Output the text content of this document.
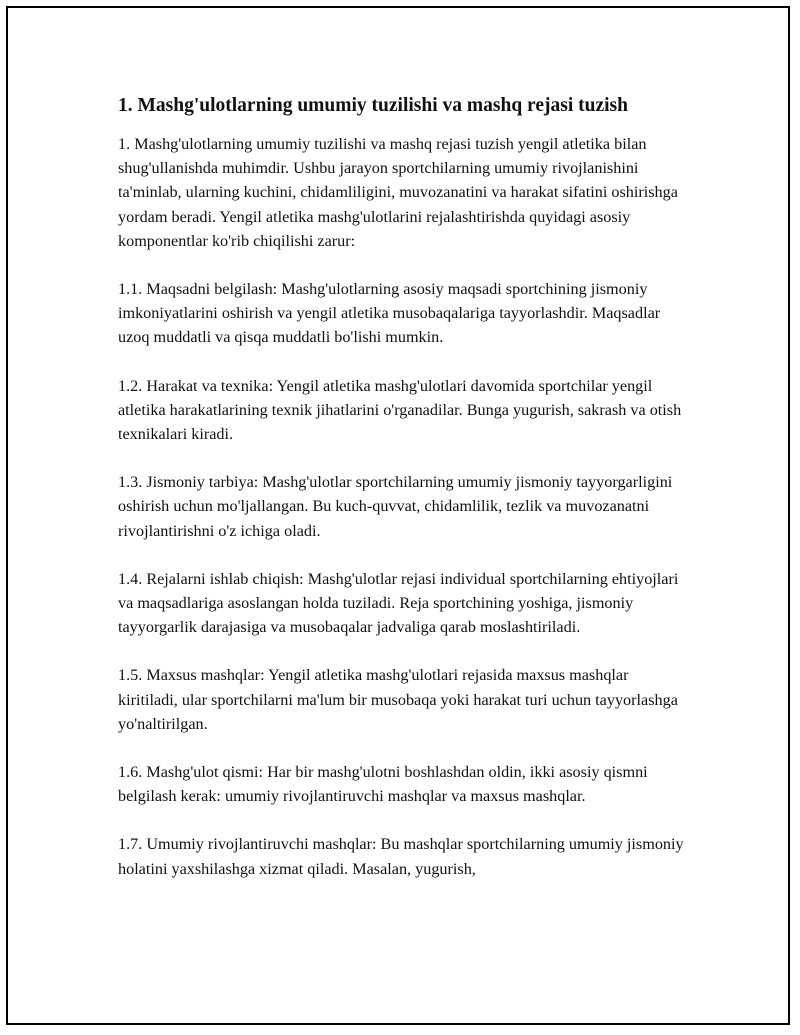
1. Mashg'ulotlarning umumiy tuzilishi va mashq rejasi tuzish

1. Mashg'ulotlarning umumiy tuzilishi va mashq rejasi tuzish yengil atletika bilan shug'ullanishda muhimdir. Ushbu jarayon sportchilarning umumiy rivojlanishini ta'minlab, ularning kuchini, chidamliligini, muvozanatini va harakat sifatini oshirishga yordam beradi. Yengil atletika mashg'ulotlarini rejalashtirishda quyidagi asosiy komponentlar ko'rib chiqilishi zarur:

1.1. Maqsadni belgilash: Mashg'ulotlarning asosiy maqsadi sportchining jismoniy imkoniyatlarini oshirish va yengil atletika musobaqalariga tayyorlashdir. Maqsadlar uzoq muddatli va qisqa muddatli bo'lishi mumkin.

1.2. Harakat va texnika: Yengil atletika mashg'ulotlari davomida sportchilar yengil atletika harakatlarining texnik jihatlarini o'rganadilar. Bunga yugurish, sakrash va otish texnikalari kiradi.

1.3. Jismoniy tarbiya: Mashg'ulotlar sportchilarning umumiy jismoniy tayyorgarligini oshirish uchun mo'ljallangan. Bu kuch-quvvat, chidamlilik, tezlik va muvozanatni rivojlantirishni o'z ichiga oladi.

1.4. Rejalarni ishlab chiqish: Mashg'ulotlar rejasi individual sportchilarning ehtiyojlari va maqsadlariga asoslangan holda tuziladi. Reja sportchining yoshiga, jismoniy tayyorgarlik darajasiga va musobaqalar jadvaliga qarab moslashtiriladi.

1.5. Maxsus mashqlar: Yengil atletika mashg'ulotlari rejasida maxsus mashqlar kiritiladi, ular sportchilarni ma'lum bir musobaqa yoki harakat turi uchun tayyorlashga yo'naltirilgan.

1.6. Mashg'ulot qismi: Har bir mashg'ulotni boshlashdan oldin, ikki asosiy qismni belgilash kerak: umumiy rivojlantiruvchi mashqlar va maxsus mashqlar.

1.7. Umumiy rivojlantiruvchi mashqlar: Bu mashqlar sportchilarning umumiy jismoniy holatini yaxshilashga xizmat qiladi. Masalan, yugurish,
